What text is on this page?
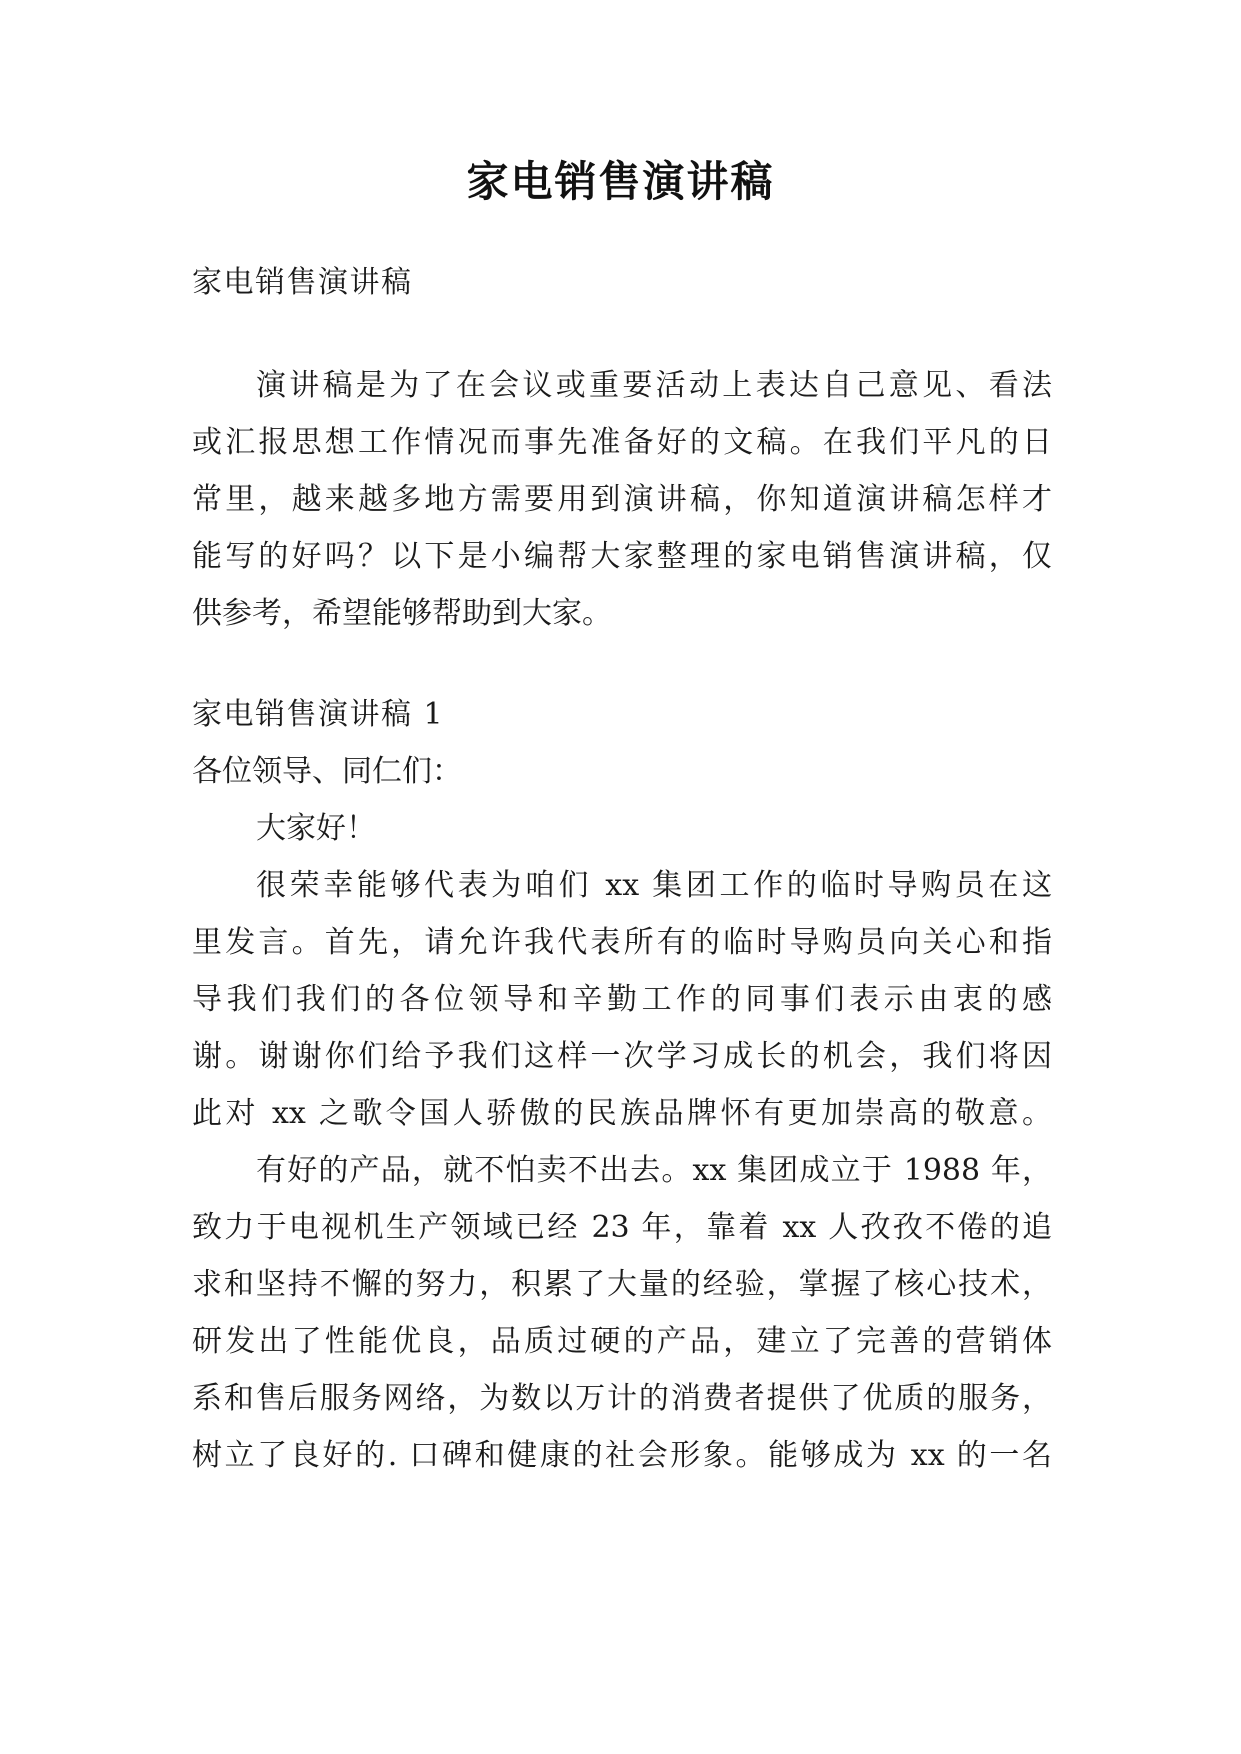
家电销售演讲稿
家电销售演讲稿
演讲稿是为了在会议或重要活动上表达自己意见、看法
或汇报思想工作情况而事先准备好的文稿。在我们平凡的日
常里，越来越多地方需要用到演讲稿，你知道演讲稿怎样才
能写的好吗？以下是小编帮大家整理的家电销售演讲稿，仅
供参考，希望能够帮助到大家。
家电销售演讲稿 1
各位领导、同仁们：
大家好！
很荣幸能够代表为咱们 xx 集团工作的临时导购员在这
里发言。首先，请允许我代表所有的临时导购员向关心和指
导我们我们的各位领导和辛勤工作的同事们表示由衷的感
谢。谢谢你们给予我们这样一次学习成长的机会，我们将因
此对 xx 之歌令国人骄傲的民族品牌怀有更加崇高的敬意。
有好的产品，就不怕卖不出去。xx 集团成立于 1988 年，
致力于电视机生产领域已经 23 年，靠着 xx 人孜孜不倦的追
求和坚持不懈的努力，积累了大量的经验，掌握了核心技术，
研发出了性能优良，品质过硬的产品，建立了完善的营销体
系和售后服务网络，为数以万计的消费者提供了优质的服务，
树立了良好的. 口碑和健康的社会形象。能够成为 xx 的一名
